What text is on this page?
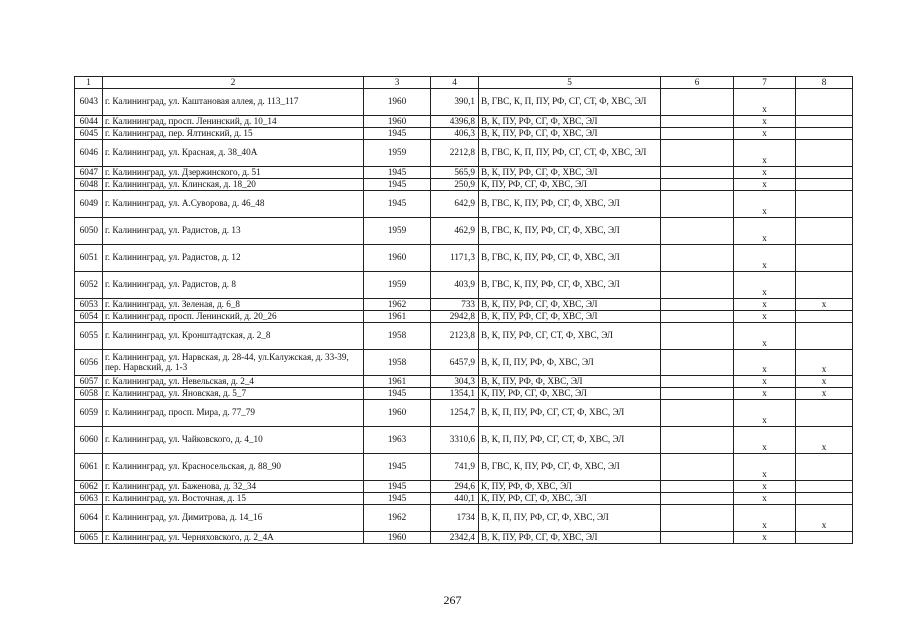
1	2	3	4	5	6	7	8
6043	г. Калининград, ул. Каштановая аллея, д. 113_117	1960	390,1	В, ГВС, К, П, ПУ, РФ, СГ, СТ, Ф, ХВС, ЭЛ		х	
6044	г. Калининград, просп. Ленинский, д. 10_14	1960	4396,8	В, К, ПУ, РФ, СГ, Ф, ХВС, ЭЛ		х	
6045	г. Калининград, пер. Ялтинский, д. 15	1945	406,3	В, К, ПУ, РФ, СГ, Ф, ХВС, ЭЛ		х	
6046	г. Калининград, ул. Красная, д. 38_40А	1959	2212,8	В, ГВС, К, П, ПУ, РФ, СГ, СТ, Ф, ХВС, ЭЛ		х	
6047	г. Калининград, ул. Дзержинского, д. 51	1945	565,9	В, К, ПУ, РФ, СГ, Ф, ХВС, ЭЛ		х	
6048	г. Калининград, ул. Клинская, д. 18_20	1945	250,9	К, ПУ, РФ, СГ, Ф, ХВС, ЭЛ		х	
6049	г. Калининград, ул. А.Суворова, д. 46_48	1945	642,9	В, ГВС, К, ПУ, РФ, СГ, Ф, ХВС, ЭЛ		х	
6050	г. Калининград, ул. Радистов, д. 13	1959	462,9	В, ГВС, К, ПУ, РФ, СГ, Ф, ХВС, ЭЛ		х	
6051	г. Калининград, ул. Радистов, д. 12	1960	1171,3	В, ГВС, К, ПУ, РФ, СГ, Ф, ХВС, ЭЛ		х	
6052	г. Калининград, ул. Радистов, д. 8	1959	403,9	В, ГВС, К, ПУ, РФ, СГ, Ф, ХВС, ЭЛ		х	
6053	г. Калининград, ул. Зеленая, д. 6_8	1962	733	В, К, ПУ, РФ, СГ, Ф, ХВС, ЭЛ		х	х
6054	г. Калининград, просп. Ленинский, д. 20_26	1961	2942,8	В, К, ПУ, РФ, СГ, Ф, ХВС, ЭЛ		х	
6055	г. Калининград, ул. Кронштадтская, д. 2_8	1958	2123,8	В, К, ПУ, РФ, СГ, СТ, Ф, ХВС, ЭЛ		х	
6056	г. Калининград, ул. Нарвская, д. 28-44, ул.Калужская, д. 33-39, пер. Нарвский, д. 1-3	1958	6457,9	В, К, П, ПУ, РФ, Ф, ХВС, ЭЛ		х	х
6057	г. Калининград, ул. Невельская, д. 2_4	1961	304,3	В, К, ПУ, РФ, Ф, ХВС, ЭЛ		х	х
6058	г. Калининград, ул. Яновская, д. 5_7	1945	1354,1	К, ПУ, РФ, СГ, Ф, ХВС, ЭЛ		х	х
6059	г. Калининград, просп. Мира, д. 77_79	1960	1254,7	В, К, П, ПУ, РФ, СГ, СТ, Ф, ХВС, ЭЛ		х	
6060	г. Калининград, ул. Чайковского, д. 4_10	1963	3310,6	В, К, П, ПУ, РФ, СГ, СТ, Ф, ХВС, ЭЛ		х	х
6061	г. Калининград, ул. Красносельская, д. 88_90	1945	741,9	В, ГВС, К, ПУ, РФ, СГ, Ф, ХВС, ЭЛ		х	
6062	г. Калининград, ул. Баженова, д. 32_34	1945	294,6	К, ПУ, РФ, Ф, ХВС, ЭЛ		х	
6063	г. Калининград, ул. Восточная, д. 15	1945	440,1	К, ПУ, РФ, СГ, Ф, ХВС, ЭЛ		х	
6064	г. Калининград, ул. Димитрова, д. 14_16	1962	1734	В, К, П, ПУ, РФ, СГ, Ф, ХВС, ЭЛ		х	х
6065	г. Калининград, ул. Черняховского, д. 2_4А	1960	2342,4	В, К, ПУ, РФ, СГ, Ф, ХВС, ЭЛ		х	
267
